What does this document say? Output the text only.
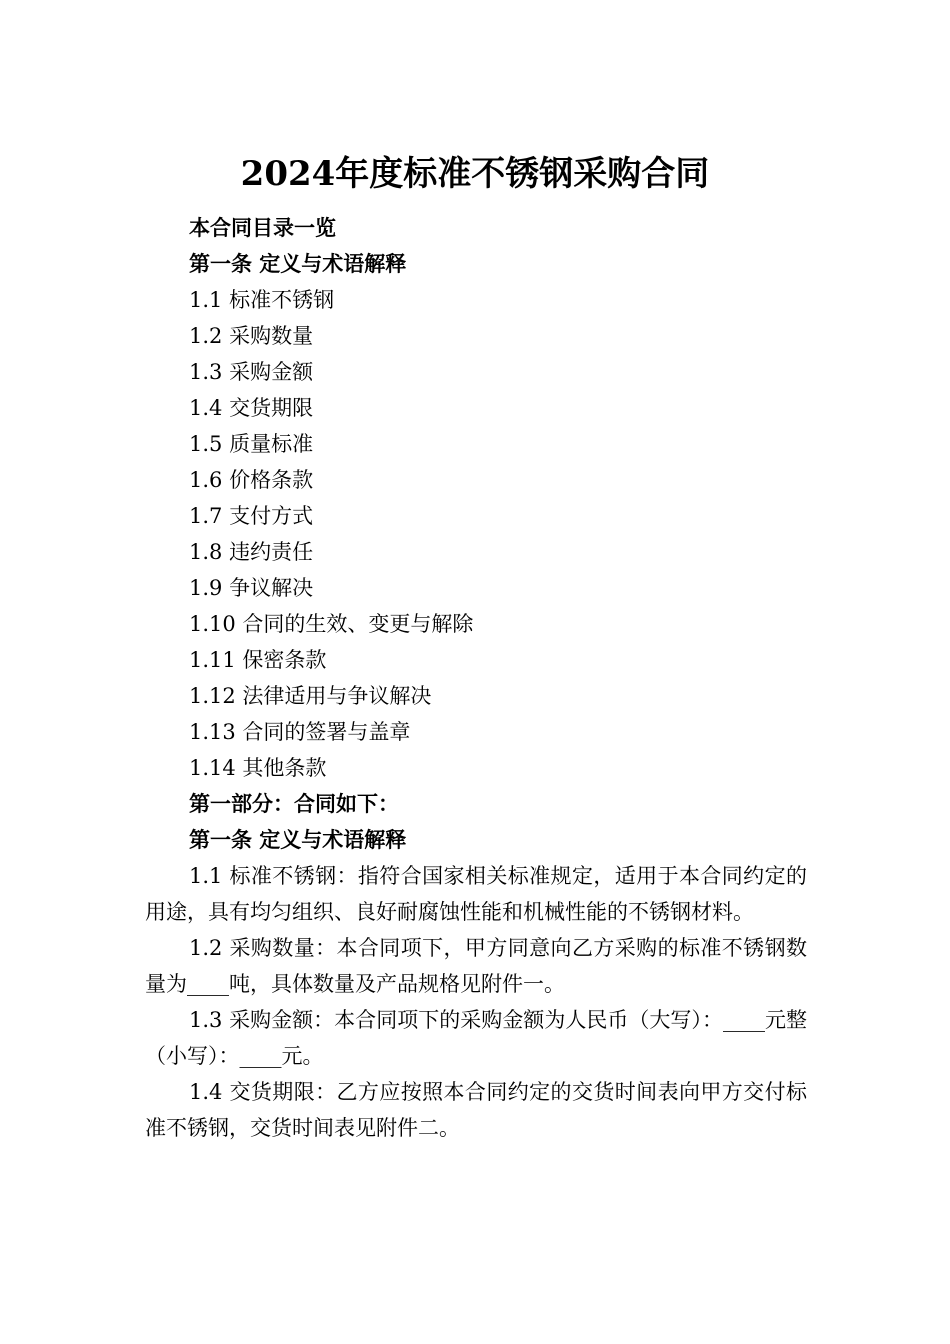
2024年度标准不锈钢采购合同

本合同目录一览

第一条 定义与术语解释

1.1 标准不锈钢

1.2 采购数量

1.3 采购金额

1.4 交货期限

1.5 质量标准

1.6 价格条款

1.7 支付方式

1.8 违约责任

1.9 争议解决

1.10 合同的生效、变更与解除

1.11 保密条款

1.12 法律适用与争议解决

1.13 合同的签署与盖章

1.14 其他条款

第一部分：合同如下：

第一条 定义与术语解释

1.1 标准不锈钢：指符合国家相关标准规定，适用于本合同约定的用途，具有均匀组织、良好耐腐蚀性能和机械性能的不锈钢材料。

1.2 采购数量：本合同项下，甲方同意向乙方采购的标准不锈钢数量为____吨，具体数量及产品规格见附件一。

1.3 采购金额：本合同项下的采购金额为人民币（大写）：____元整（小写）：____元。

1.4 交货期限：乙方应按照本合同约定的交货时间表向甲方交付标准不锈钢，交货时间表见附件二。
